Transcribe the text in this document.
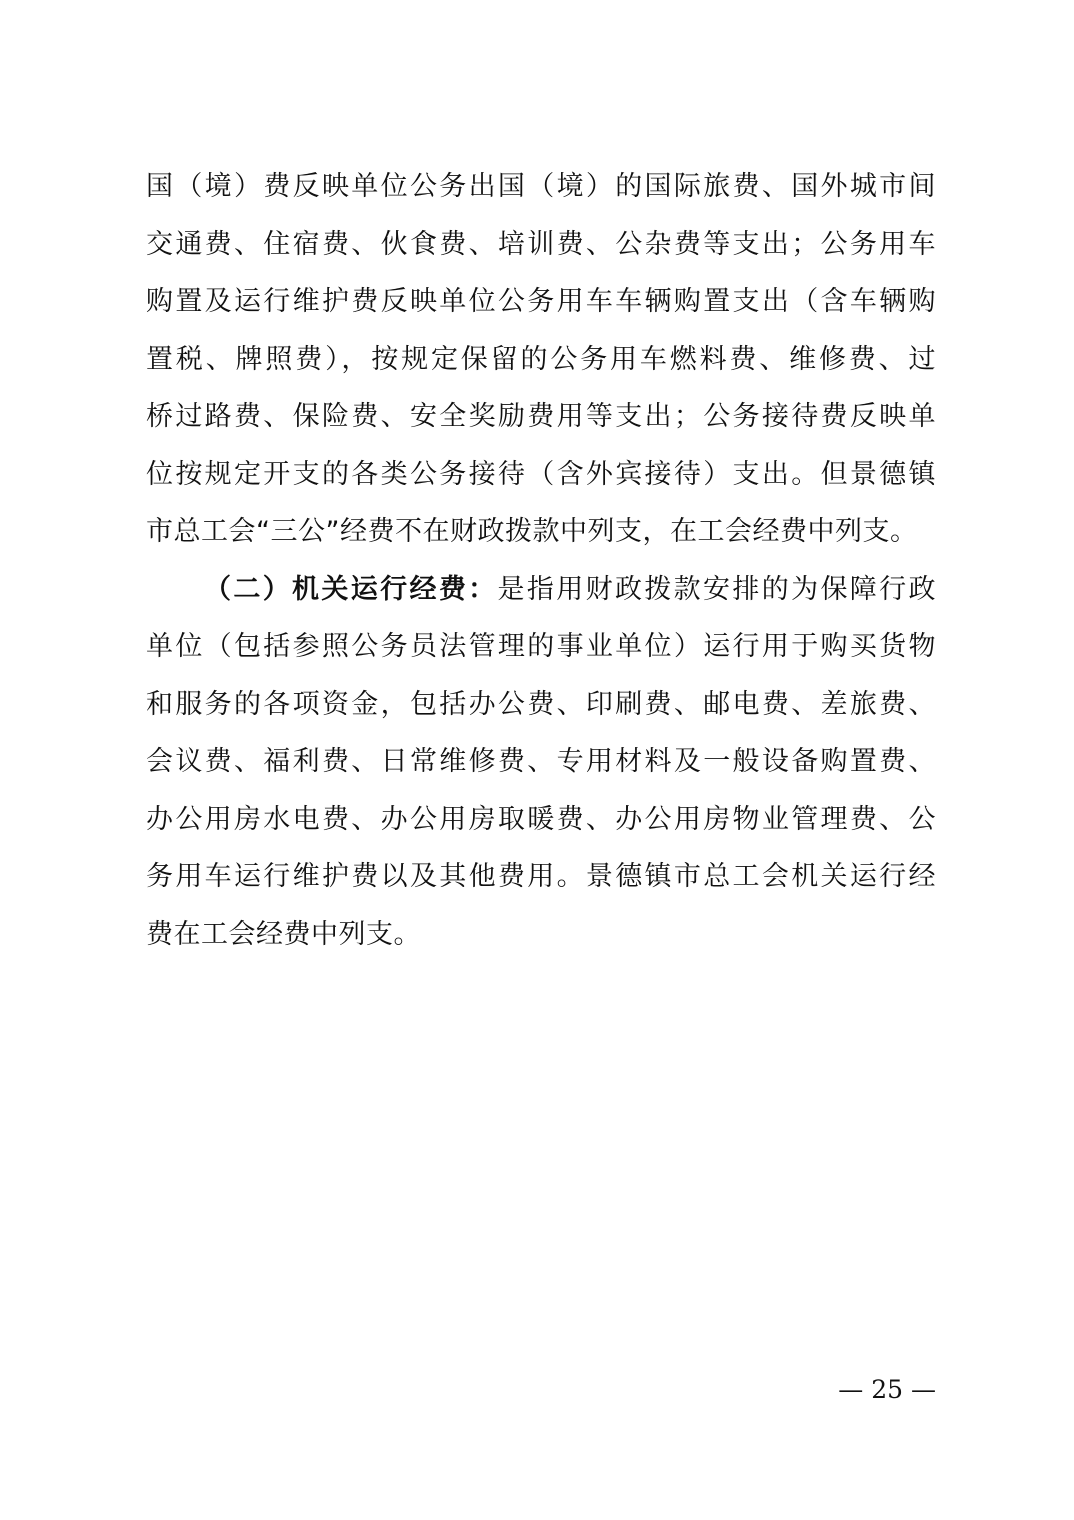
国（境）费反映单位公务出国（境）的国际旅费、国外城市间
交通费、住宿费、伙食费、培训费、公杂费等支出；公务用车
购置及运行维护费反映单位公务用车车辆购置支出（含车辆购
置税、牌照费），按规定保留的公务用车燃料费、维修费、过
桥过路费、保险费、安全奖励费用等支出；公务接待费反映单
位按规定开支的各类公务接待（含外宾接待）支出。但景德镇
市总工会“三公”经费不在财政拨款中列支，在工会经费中列支。
（二）机关运行经费：是指用财政拨款安排的为保障行政
单位（包括参照公务员法管理的事业单位）运行用于购买货物
和服务的各项资金，包括办公费、印刷费、邮电费、差旅费、
会议费、福利费、日常维修费、专用材料及一般设备购置费、
办公用房水电费、办公用房取暖费、办公用房物业管理费、公
务用车运行维护费以及其他费用。景德镇市总工会机关运行经
费在工会经费中列支。
— 25 —
